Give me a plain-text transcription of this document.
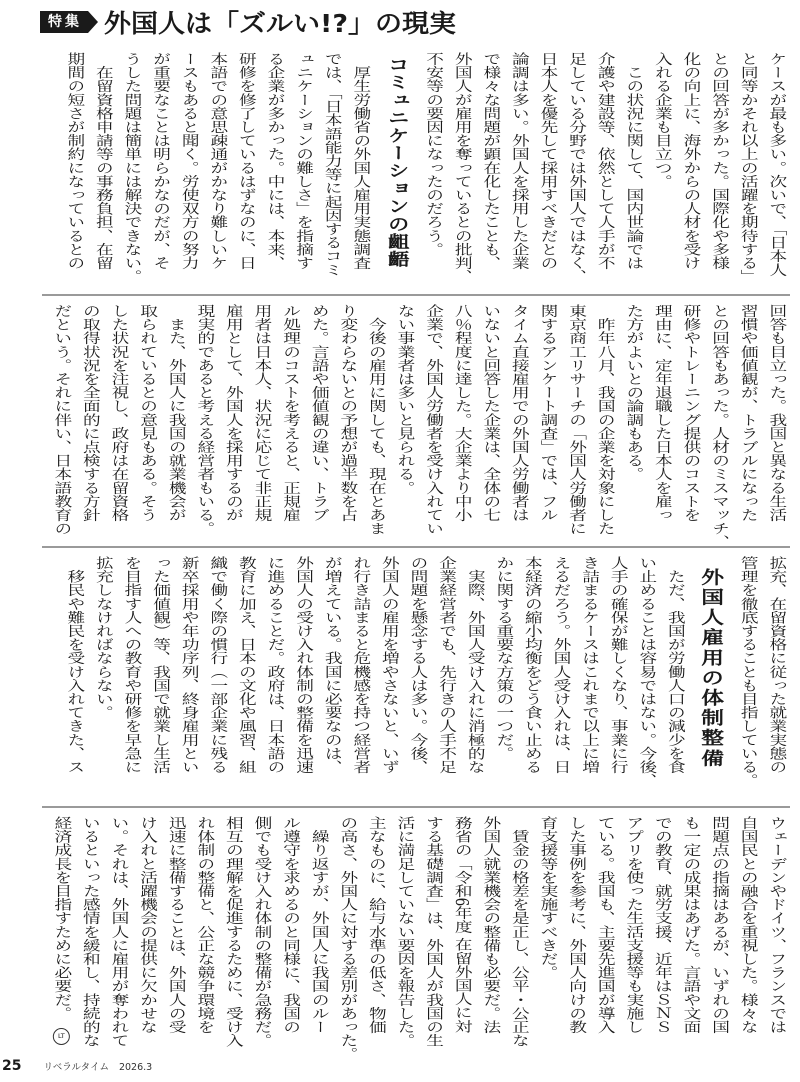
特集 外国人は「ズルい!?」の現実
ケースが最も多い。次いで、「日本人
と同等かそれ以上の活躍を期待する」
との回答が多かった。国際化や多様
化の向上に、海外からの人材を受け
入れる企業も目立つ。
　この状況に関して、国内世論では
介護や建設等、依然として人手が不
足している分野では外国人ではなく、
日本人を優先して採用すべきだとの
論調は多い。外国人を採用した企業
で様々な問題が顕在化したことも、
外国人が雇用を奪っているとの批判、
不安等の要因になったのだろう。
コミュニケーションの齟齬
　厚生労働省の外国人雇用実態調査
では、「日本語能力等に起因するコミ
ュニケーションの難しさ」を指摘す
る企業が多かった。中には、本来、
研修を修了しているはずなのに、日
本語での意思疎通がかなり難しいケ
ースもあると聞く。労使双方の努力
が重要なことは明らかなのだが、そ
うした問題は簡単には解決できない。
　在留資格申請等の事務負担、在留
期間の短さが制約になっているとの
回答も目立った。我国と異なる生活
習慣や価値観が、トラブルになった
との回答もあった。人材のミスマッチ、
研修やトレーニング提供のコストを
理由に、定年退職した日本人を雇っ
た方がよいとの論調もある。
　昨年八月、我国の企業を対象にした
東京商工リサーチの「外国人労働者に
関するアンケート調査」では、フル
タイム直接雇用での外国人労働者は
いないと回答した企業は、全体の七
八％程度に達した。大企業より中小
企業で、外国人労働者を受け入れてい
ない事業者は多いと見られる。
　今後の雇用に関しても、現在とあま
り変わらないとの予想が過半数を占
めた。言語や価値観の違い、トラブ
ル処理のコストを考えると、正規雇
用者は日本人、状況に応じて非正規
雇用として、外国人を採用するのが
現実的であると考える経営者もいる。
　また、外国人に我国の就業機会が
取られているとの意見もある。そう
した状況を注視し、政府は在留資格
の取得状況を全面的に点検する方針
だという。それに伴い、日本語教育の
拡充、在留資格に従った就業実態の
管理を徹底することも目指している。
外国人雇用の体制整備
　ただ、我国が労働人口の減少を食
い止めることは容易ではない。今後、
人手の確保が難しくなり、事業に行
き詰まるケースはこれまで以上に増
えるだろう。外国人受け入れは、日
本経済の縮小均衡をどう食い止める
かに関する重要な方策の一つだ。
　実際、外国人受け入れに消極的な
企業経営者でも、先行きの人手不足
の問題を懸念する人は多い。今後、
外国人の雇用を増やさないと、いず
れ行き詰まると危機感を持つ経営者
が増えている。我国に必要なのは、
外国人の受け入れ体制の整備を迅速
に進めることだ。政府は、日本語の
教育に加え、日本の文化や風習、組
織で働く際の慣行（一部企業に残る
新卒採用や年功序列、終身雇用とい
った価値観）等、我国で就業し生活
を目指す人への教育や研修を早急に
拡充しなければならない。
　移民や難民を受け入れてきた、ス
ウェーデンやドイツ、フランスでは
自国民との融合を重視した。様々な
問題点の指摘はあるが、いずれの国
も一定の成果はあげた。言語や文面
での教育、就労支援、近年はＳＮＳ
アプリを使った生活支援等も実施し
ている。我国も、主要先進国が導入
した事例を参考に、外国人向けの教
育支援等を実施すべきだ。
　賃金の格差を是正し、公平・公正な
外国人就業機会の整備も必要だ。法
務省の「令和6年度 在留外国人に対
する基礎調査」は、外国人が我国の生
活に満足していない要因を報告した。
主なものに、給与水準の低さ、物価
の高さ、外国人に対する差別があった。
　繰り返すが、外国人に我国のルー
ル遵守を求めるのと同様に、我国の
側でも受け入れ体制の整備が急務だ。
相互の理解を促進するために、受け入
れ体制の整備と、公正な競争環境を
迅速に整備することは、外国人の受
け入れと活躍機会の提供に欠かせな
い。それは、外国人に雇用が奪われて
いるといった感情を緩和し、持続的な
経済成長を目指すために必要だ。LT
25 リベラルタイム 2026.3
